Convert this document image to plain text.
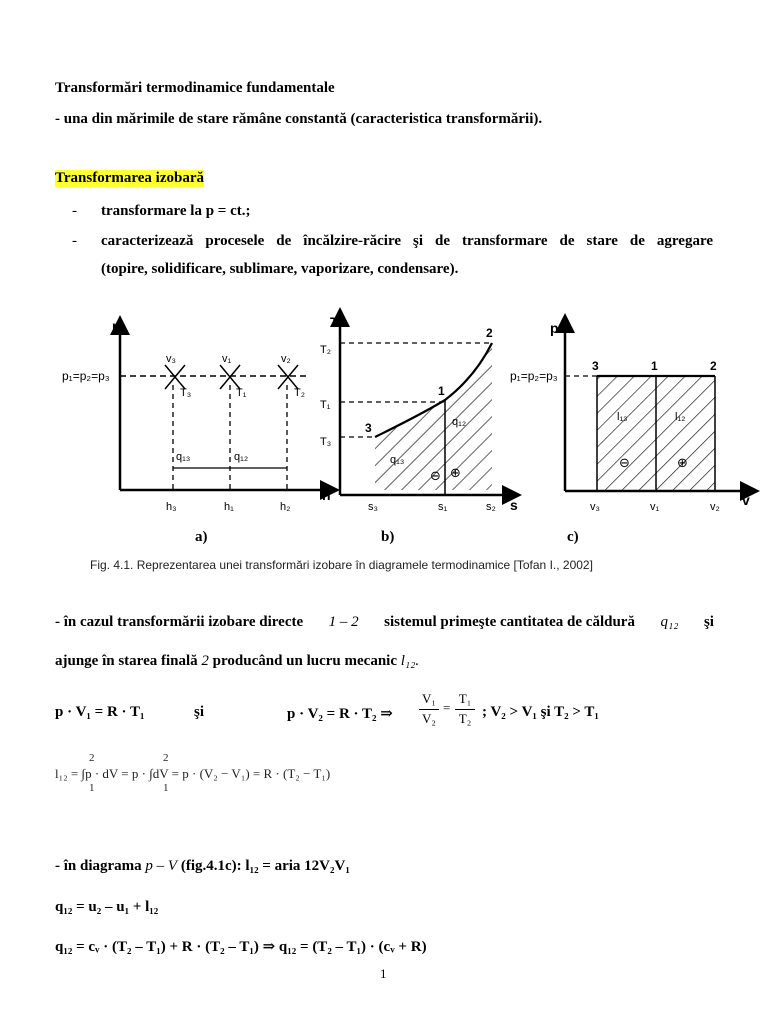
Transformări termodinamice fundamentale
- una din mărimile de stare rămâne constantă (caracteristica transformării).
Transformarea izobară
- transformare la p = ct.;
- caracterizează procesele de încălzire-răcire şi de transformare de stare de agregare
(topire, solidificare, sublimare, vaporizare, condensare).
p
h
p₁=p₂=p₃
v₃	v₁	v₂
T₃	T₁	T₂
q₁₃	q₁₂
h₃	h₁	h₂
T
s
T₂
T₁
T₃
1
2
3	q₁₂
q₁₃
⊖ ⊕
s₃	s₁	s₂
p
v
p₁=p₂=p₃
3	1	2
l₁₃	l₁₂
⊖	⊕
v₃	v₁	v₂
a)	b)	c)
Fig. 4.1. Reprezentarea unei transformări izobare în diagramele termodinamice [Tofan I., 2002]
- în cazul transformării izobare directe 1 – 2 sistemul primeşte cantitatea de căldură q₁₂ şi
ajunge în starea finală 2 producând un lucru mecanic l₁₂.
p · V₁ = R · T₁	şi	p · V₂ = R · T₂ ⇒
V₁
V₂
=
T₁
T₂ ; V₂ > V₁ şi T₂ > T₁
2	2
l₁₂ = ∫p · dV = p · ∫dV = p · (V₂ − V₁) = R · (T₂ − T₁)
1	1
- în diagrama p – V (fig.4.1c): l₁₂ = aria 12V₂V₁
q₁₂ = u₂ – u₁ + l₁₂
q₁₂ = cᵥ · (T₂ – T₁) + R · (T₂ – T₁) ⇒ q₁₂ = (T₂ – T₁) · (cᵥ + R)
1
